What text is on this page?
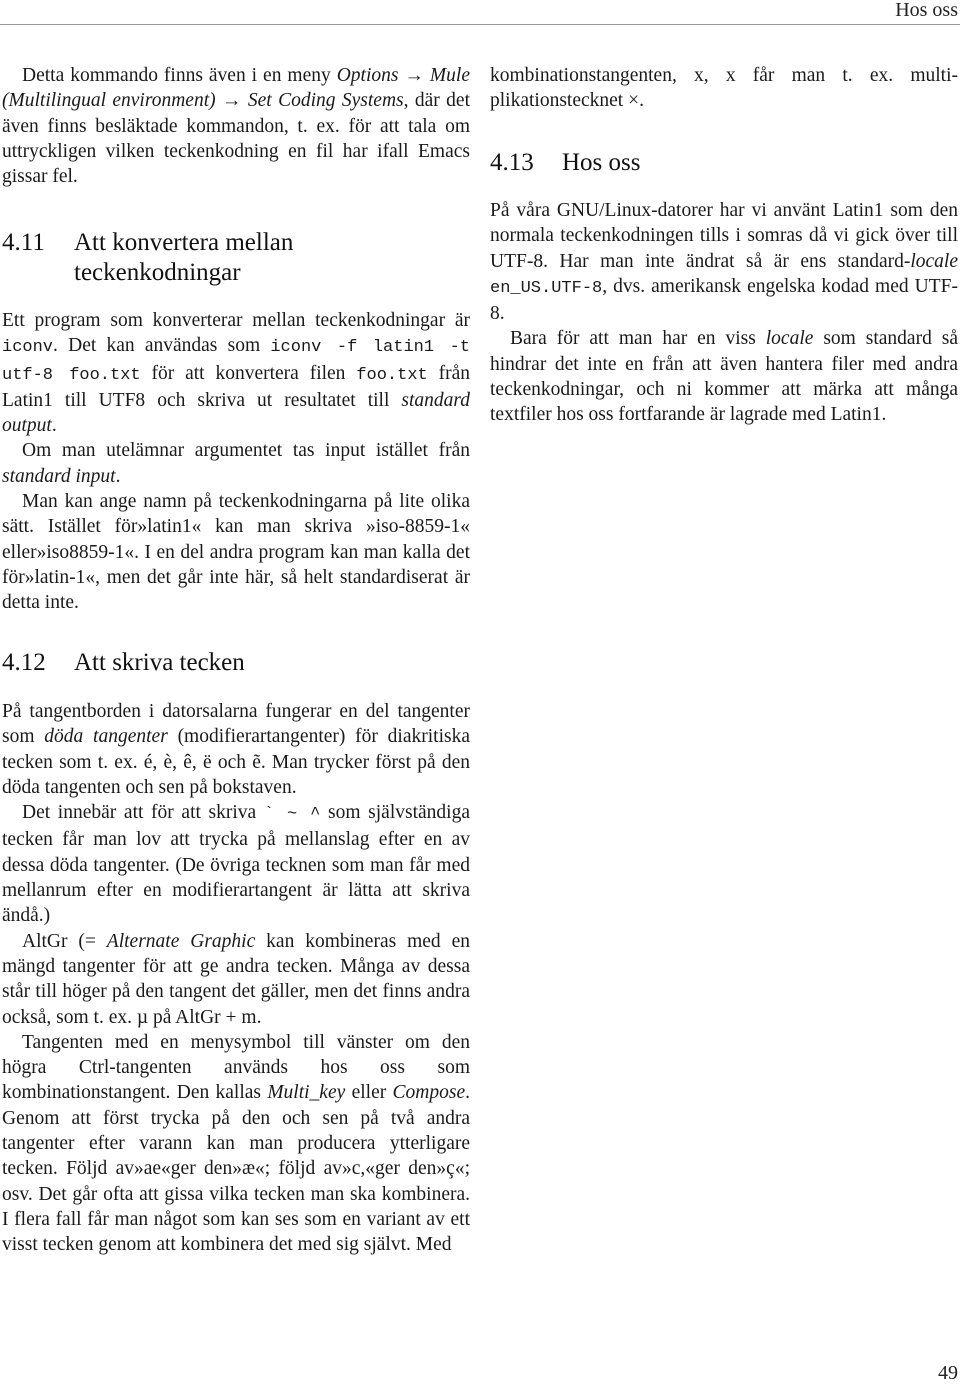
Hos oss

Detta kommando finns även i en meny Options → Mule (Multilingual environment) → Set Coding Systems, där det även finns besläktade kommandon, t. ex. för att tala om uttryckligen vilken teckenkodning en fil har ifall Emacs gissar fel.

4.11	Att konvertera mellan teckenkodningar

Ett program som konverterar mellan teckenkodningar är iconv. Det kan användas som iconv -f latin1 -t utf-8 foo.txt för att konvertera filen foo.txt från Latin1 till UTF8 och skriva ut resultatet till standard output.

Om man utelämnar argumentet tas input istället från standard input.

Man kan ange namn på teckenkodningarna på lite olika sätt. Istället för»latin1« kan man skriva »iso-8859-1« eller»iso8859-1«. I en del andra program kan man kalla det för»latin-1«, men det går inte här, så helt standardiserat är detta inte.

4.12 Att skriva tecken

På tangentborden i datorsalarna fungerar en del tangenter som döda tangenter (modifierartangenter) för diakritiska tecken som t. ex. é, è, ê, ë och ẽ. Man trycker först på den döda tangenten och sen på bokstaven.

Det innebär att för att skriva ` ~ ^ som självständiga tecken får man lov att trycka på mellanslag efter en av dessa döda tangenter. (De övriga tecknen som man får med mellanrum efter en modifierartangent är lätta att skriva ändå.)

AltGr (= Alternate Graphic kan kombineras med en mängd tangenter för att ge andra tecken. Många av dessa står till höger på den tangent det gäller, men det finns andra också, som t. ex. µ på AltGr + m.

Tangenten med en menysymbol till vänster om den högra Ctrl-tangenten används hos oss som kombinationstangent. Den kallas Multi_key eller Compose. Genom att först trycka på den och sen på två andra tangenter efter varann kan man producera ytterligare tecken. Följd av»ae«ger den»æ«; följd av»c,«ger den»ç«; osv. Det går ofta att gissa vilka tecken man ska kombinera. I flera fall får man något som kan ses som en variant av ett visst tecken genom att kombinera det med sig självt. Med

kombinationstangenten, x, x får man t. ex. multiplikationstecknet ×.

4.13 Hos oss

På våra GNU/Linux-datorer har vi använt Latin1 som den normala teckenkodningen tills i somras då vi gick över till UTF-8. Har man inte ändrat så är ens standard-locale en_US.UTF-8, dvs. amerikansk engelska kodad med UTF-8.

Bara för att man har en viss locale som standard så hindrar det inte en från att även hantera filer med andra teckenkodningar, och ni kommer att märka att många textfiler hos oss fortfarande är lagrade med Latin1.

49
